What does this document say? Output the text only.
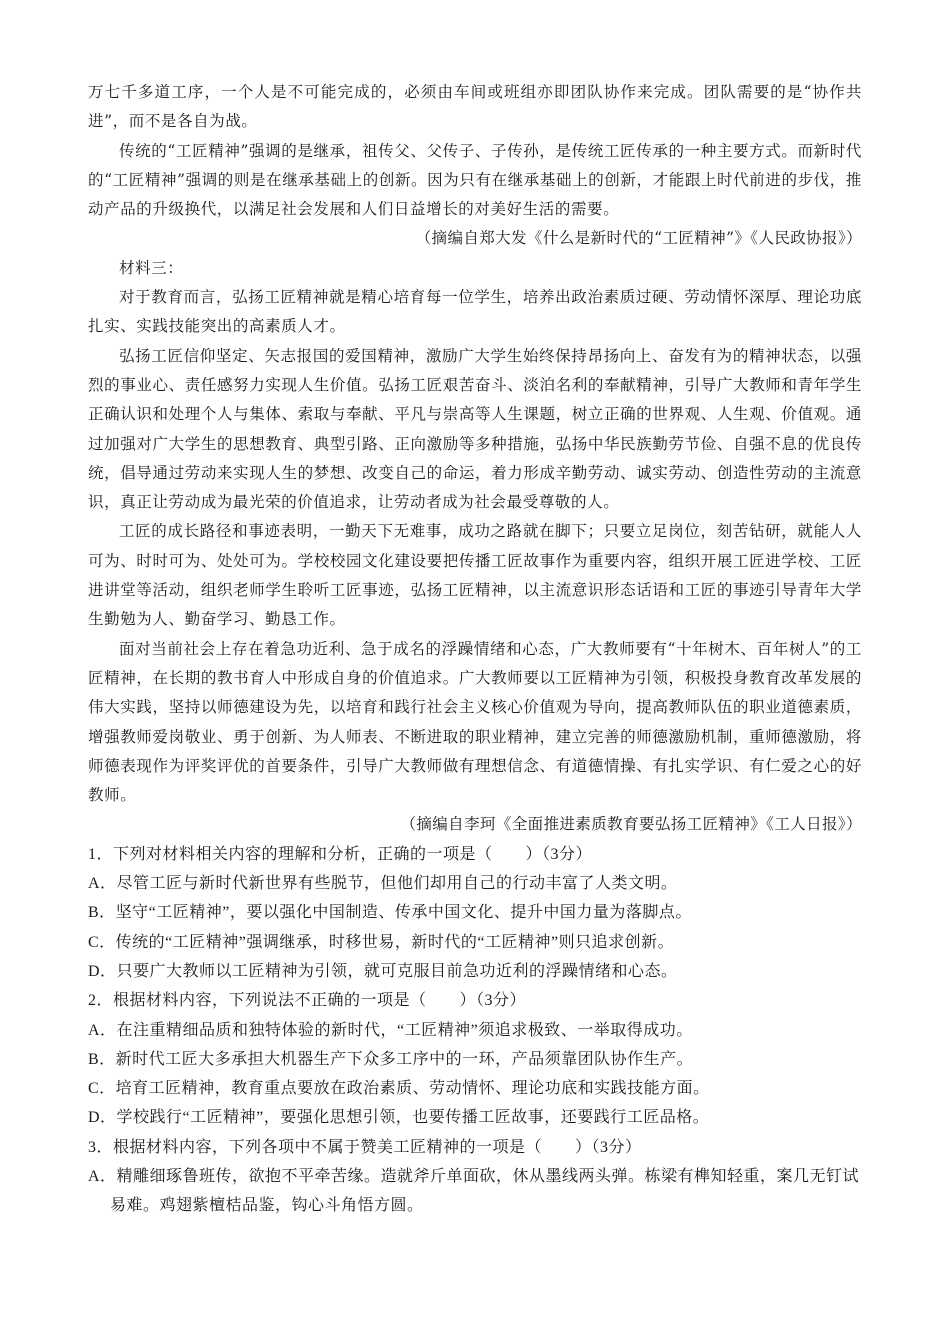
万七千多道工序，一个人是不可能完成的，必须由车间或班组亦即团队协作来完成。团队需要的是“协作共进”，而不是各自为战。

传统的“工匠精神”强调的是继承，祖传父、父传子、子传孙，是传统工匠传承的一种主要方式。而新时代的“工匠精神”强调的则是在继承基础上的创新。因为只有在继承基础上的创新，才能跟上时代前进的步伐，推动产品的升级换代，以满足社会发展和人们日益增长的对美好生活的需要。

（摘编自郑大发《什么是新时代的“工匠精神”》《人民政协报》）

材料三：

对于教育而言，弘扬工匠精神就是精心培育每一位学生，培养出政治素质过硬、劳动情怀深厚、理论功底扎实、实践技能突出的高素质人才。

弘扬工匠信仰坚定、矢志报国的爱国精神，激励广大学生始终保持昂扬向上、奋发有为的精神状态，以强烈的事业心、责任感努力实现人生价值。弘扬工匠艰苦奋斗、淡泊名利的奉献精神，引导广大教师和青年学生正确认识和处理个人与集体、索取与奉献、平凡与崇高等人生课题，树立正确的世界观、人生观、价值观。通过加强对广大学生的思想教育、典型引路、正向激励等多种措施，弘扬中华民族勤劳节俭、自强不息的优良传统，倡导通过劳动来实现人生的梦想、改变自己的命运，着力形成辛勤劳动、诚实劳动、创造性劳动的主流意识，真正让劳动成为最光荣的价值追求，让劳动者成为社会最受尊敬的人。

工匠的成长路径和事迹表明，一勤天下无难事，成功之路就在脚下；只要立足岗位，刻苦钻研，就能人人可为、时时可为、处处可为。学校校园文化建设要把传播工匠故事作为重要内容，组织开展工匠进学校、工匠进讲堂等活动，组织老师学生聆听工匠事迹，弘扬工匠精神，以主流意识形态话语和工匠的事迹引导青年大学生勤勉为人、勤奋学习、勤恳工作。

面对当前社会上存在着急功近利、急于成名的浮躁情绪和心态，广大教师要有“十年树木、百年树人”的工匠精神，在长期的教书育人中形成自身的价值追求。广大教师要以工匠精神为引领，积极投身教育改革发展的伟大实践，坚持以师德建设为先，以培育和践行社会主义核心价值观为导向，提高教师队伍的职业道德素质，增强教师爱岗敬业、勇于创新、为人师表、不断进取的职业精神，建立完善的师德激励机制，重师德激励，将师德表现作为评奖评优的首要条件，引导广大教师做有理想信念、有道德情操、有扎实学识、有仁爱之心的好教师。

（摘编自李珂《全面推进素质教育要弘扬工匠精神》《工人日报》）

1．下列对材料相关内容的理解和分析，正确的一项是（　　）（3分）

A．尽管工匠与新时代新世界有些脱节，但他们却用自己的行动丰富了人类文明。

B．坚守“工匠精神”，要以强化中国制造、传承中国文化、提升中国力量为落脚点。

C．传统的“工匠精神”强调继承，时移世易，新时代的“工匠精神”则只追求创新。

D．只要广大教师以工匠精神为引领，就可克服目前急功近利的浮躁情绪和心态。

2．根据材料内容，下列说法不正确的一项是（　　）（3分）

A．在注重精细品质和独特体验的新时代，“工匠精神”须追求极致、一举取得成功。

B．新时代工匠大多承担大机器生产下众多工序中的一环，产品须靠团队协作生产。

C．培育工匠精神，教育重点要放在政治素质、劳动情怀、理论功底和实践技能方面。

D．学校践行“工匠精神”，要强化思想引领，也要传播工匠故事，还要践行工匠品格。

3．根据材料内容，下列各项中不属于赞美工匠精神的一项是（　　）（3分）

A．精雕细琢鲁班传，欲抱不平牵苦缘。造就斧斤单面砍，休从墨线两头弹。栋梁有榫知轻重，案几无钉试易难。鸡翅紫檀桔品鉴，钩心斗角悟方圆。
